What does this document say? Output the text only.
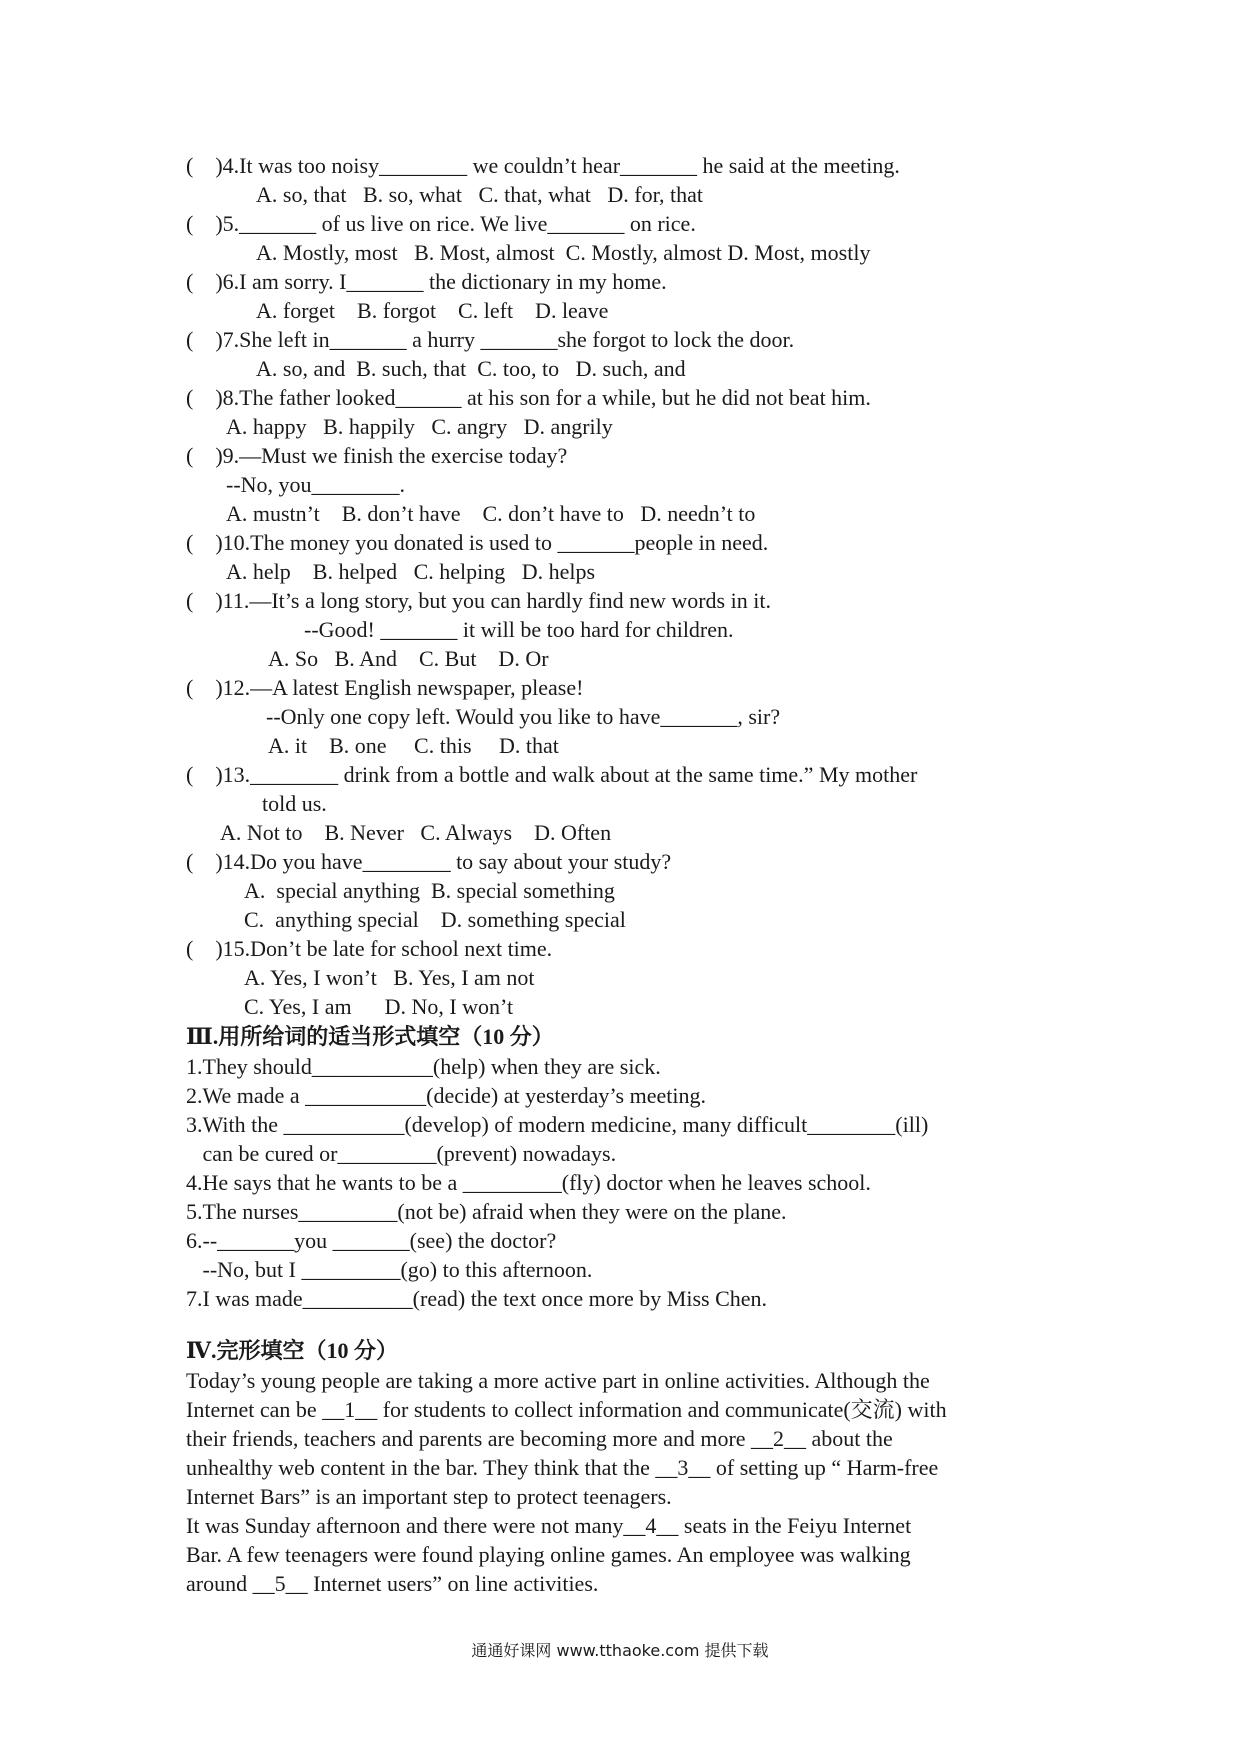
(    )4.It was too noisy________ we couldn’t hear_______ he said at the meeting.
A. so, that   B. so, what   C. that, what   D. for, that
(    )5._______ of us live on rice. We live_______ on rice.
A. Mostly, most   B. Most, almost  C. Mostly, almost D. Most, mostly
(    )6.I am sorry. I_______ the dictionary in my home.
A. forget    B. forgot    C. left    D. leave
(    )7.She left in_______ a hurry _______she forgot to lock the door.
A. so, and  B. such, that  C. too, to   D. such, and
(    )8.The father looked______ at his son for a while, but he did not beat him.
A. happy   B. happily   C. angry   D. angrily
(    )9.—Must we finish the exercise today?
--No, you________.
A. mustn’t    B. don’t have    C. don’t have to   D. needn’t to
(    )10.The money you donated is used to _______people in need.
A. help    B. helped   C. helping   D. helps
(    )11.—It’s a long story, but you can hardly find new words in it.
--Good! _______ it will be too hard for children.
A. So   B. And    C. But    D. Or
(    )12.—A latest English newspaper, please!
--Only one copy left. Would you like to have_______, sir?
A. it    B. one     C. this     D. that
(    )13.________ drink from a bottle and walk about at the same time.” My mother
told us.
A. Not to    B. Never   C. Always    D. Often
(    )14.Do you have________ to say about your study?
A.  special anything  B. special something
C.  anything special    D. something special
(    )15.Don’t be late for school next time.
A. Yes, I won’t   B. Yes, I am not
C. Yes, I am      D. No, I won’t
Ⅲ.用所给词的适当形式填空（10 分）
1.They should___________(help) when they are sick.
2.We made a ___________(decide) at yesterday’s meeting.
3.With the ___________(develop) of modern medicine, many difficult________(ill)
can be cured or_________(prevent) nowadays.
4.He says that he wants to be a _________(fly) doctor when he leaves school.
5.The nurses_________(not be) afraid when they were on the plane.
6.--_______you _______(see) the doctor?
--No, but I _________(go) to this afternoon.
7.I was made__________(read) the text once more by Miss Chen.
Ⅳ.完形填空（10 分）
Today’s young people are taking a more active part in online activities. Although the
Internet can be __1__ for students to collect information and communicate(交流) with
their friends, teachers and parents are becoming more and more __2__ about the
unhealthy web content in the bar. They think that the __3__ of setting up “ Harm-free
Internet Bars” is an important step to protect teenagers.
It was Sunday afternoon and there were not many__4__ seats in the Feiyu Internet
Bar. A few teenagers were found playing online games. An employee was walking
around __5__ Internet users” on line activities.
通通好课网 www.tthaoke.com 提供下载
